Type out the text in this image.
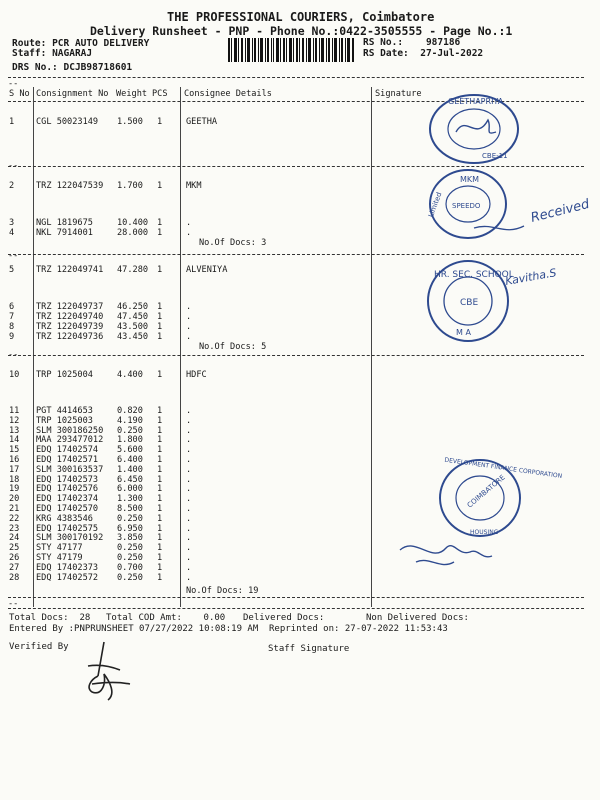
THE PROFESSIONAL COURIERS, Coimbatore
Delivery Runsheet - PNP - Phone No.:0422-3505555 - Page No.:1
Route: PCR AUTO DELIVERY
Staff: NAGARAJ
DRS No.: DCJB98718601
RS No.: 987186
RS Date: 27-Jul-2022
--
S No Consignment No Weight PCS Consignee Details	Signature
--
--
--
--
1	CGL 50023149 1.500 1	GEETHA
2	TRZ 122047539 1.700 1	MKM
3	NGL 1819675	10.400 1	.
4	NKL 7914001	28.000 1	.
No.Of Docs: 3
5	TRZ 122049741 47.280 1	ALVENIYA
6	TRZ 122049737 46.250 1	.
7	TRZ 122049740 47.450 1	.
8	TRZ 122049739 43.500 1	.
9	TRZ 122049736 43.450 1	.
No.Of Docs: 5
10 TRP 1025004	4.400 1	HDFC
11 PGT 4414653	0.820 1	.
12 TRP 1025003	4.190 1	.
13 SLM 300186250 0.250 1	.
14 MAA 293477012 1.800 1	.
15 EDQ 17402574 5.600 1	.
16 EDQ 17402571 6.400 1	.
17 SLM 300163537 1.400 1	.
18 EDQ 17402573 6.450 1	.
19 EDQ 17402576 6.000 1	.
20 EDQ 17402374 1.300 1	.
21 EDQ 17402570 8.500 1	.
22 KRG 4383546	0.250 1	.
23 EDQ 17402575 6.950 1	.
24 SLM 300170192 3.850 1	.
25 STY 47177	0.250 1	.
26 STY 47179	0.250 1	.
27 EDQ 17402373 0.700 1	.
28 EDQ 17402572 0.250 1	.
No.Of Docs: 19
Total Docs:  28 Total COD Amt:    0.00 Delivered Docs:	Non Delivered Docs:
Entered By :PNPRUNSHEET 07/27/2022 10:08:19 AM Reprinted on: 27-07-2022 11:53:43
Verified By	Staff Signature
GEETHAPRIYA
CBE-11
MKM
Limited SPEEDO	Received
HR. SEC. SCHOOL
CBE
M A
Kavitha.S
DEVELOPMENT FINANCE CORPORATION
COIMBATORE
HOUSING
